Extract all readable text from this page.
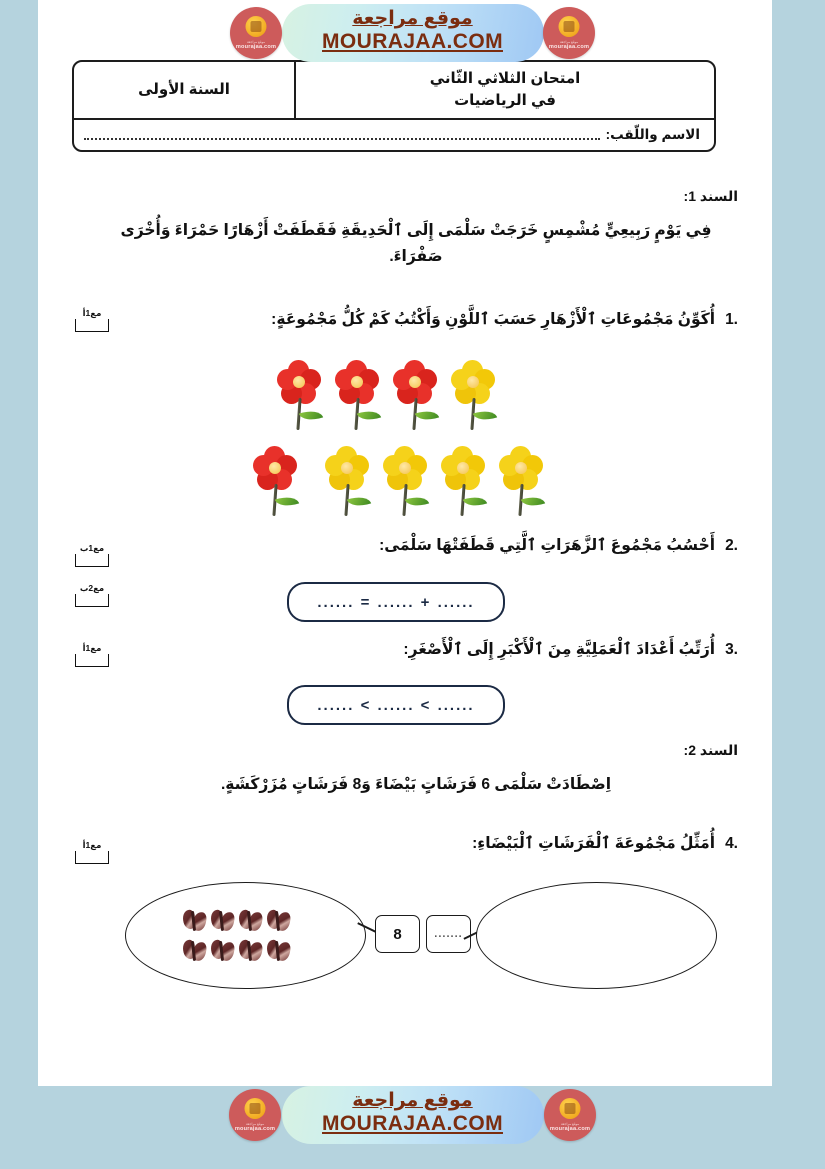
امتحان الثلاثي الثّاني
في الرياضيات
السنة الأولى
الاسم واللّقب:
السند 1:
فِي يَوْمٍ رَبِيعِيٍّ مُشْمِسٍ خَرَجَتْ سَلْمَى إِلَى ٱلْحَدِيقَةِ فَقَطَفَتْ أَزْهَارًا حَمْرَاءَ وَأُخْرَى
صَفْرَاءَ.
1.أُكَوِّنُ مَجْمُوعَاتِ ٱلْأَزْهَارِ حَسَبَ ٱللَّوْنِ وَأَكْتُبُ كَمْ كُلُّ مَجْمُوعَةٍ:
2.أَحْسُبُ مَجْمُوعَ ٱلزَّهَرَاتِ ٱلَّتِي قَطَفَتْهَا سَلْمَى:
...... = ...... + ......
3.أُرَتِّبُ أَعْدَادَ ٱلْعَمَلِيَّةِ مِنَ ٱلْأَكْبَرِ إِلَى ٱلْأَصْغَرِ:
...... < ...... < ......
السند 2:
اِصْطَادَتْ سَلْمَى 6 فَرَشَاتٍ بَيْضَاءَ وَ8 فَرَشَاتٍ مُزَرْكَشَةٍ.
4.أُمَثِّلُ مَجْمُوعَةَ ٱلْفَرَشَاتِ ٱلْبَيْضَاءِ:
8	.......
مع1أ
مع1ب
مع2ب
مع1أ
مع1أ
موقع مراجعة
mourajaa.com
موقع مراجعة
mourajaa.com
موقع مراجعة
MOURAJAA.COM
موقع مراجعة
mourajaa.com
موقع مراجعة
mourajaa.com
موقع مراجعة
MOURAJAA.COM
